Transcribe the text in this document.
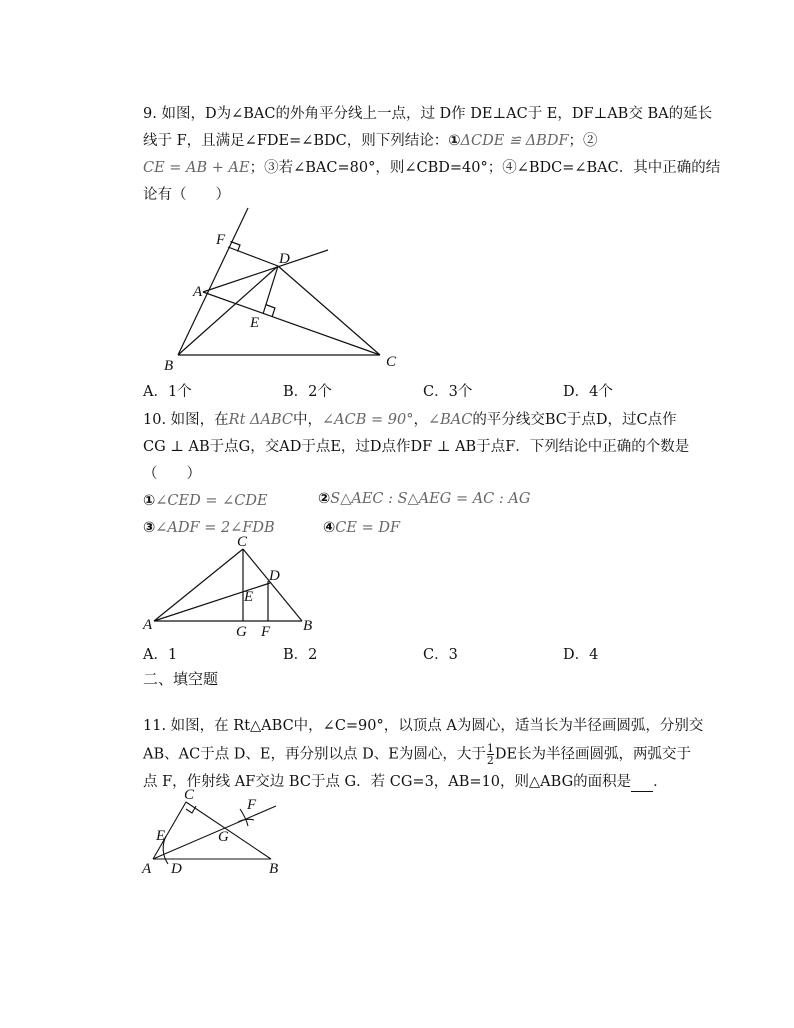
9. 如图，D为∠BAC的外角平分线上一点，过 D作 DE⊥AC于 E，DF⊥AB交 BA的延长
线于 F，且满足∠FDE=∠BDC，则下列结论：①ΔCDE ≌ ΔBDF；②
CE = AB + AE；③若∠BAC=80°，则∠CBD=40°；④∠BDC=∠BAC．其中正确的结
论有（　　）
F
D
A
E
B	C
A．1个	B．2个	C．3个	D．4个
10. 如图，在Rt ΔABC中，∠ACB = 90°，∠BAC的平分线交BC于点D，过C点作
CG ⊥ AB于点G，交AD于点E，过D点作DF ⊥ AB于点F．下列结论中正确的个数是
（　　）
①∠CED = ∠CDE	②S△AEC : S△AEG = AC : AG
③∠ADF = 2∠FDB	④CE = DF
C
D
E
A	G F B
A．1	B．2	C．3	D．4
二、填空题
11. 如图，在 Rt△ABC中，∠C=90°，以顶点 A为圆心，适当长为半径画圆弧，分别交
AB、AC于点 D、E，再分别以点 D、E为圆心，大于 $\frac{1}{2}$ DE长为半径画圆弧，两弧交于
点 F，作射线 AF交边 BC于点 G．若 CG=3，AB=10，则△ABG的面积是 ．
C
F
E	G
A D	B
